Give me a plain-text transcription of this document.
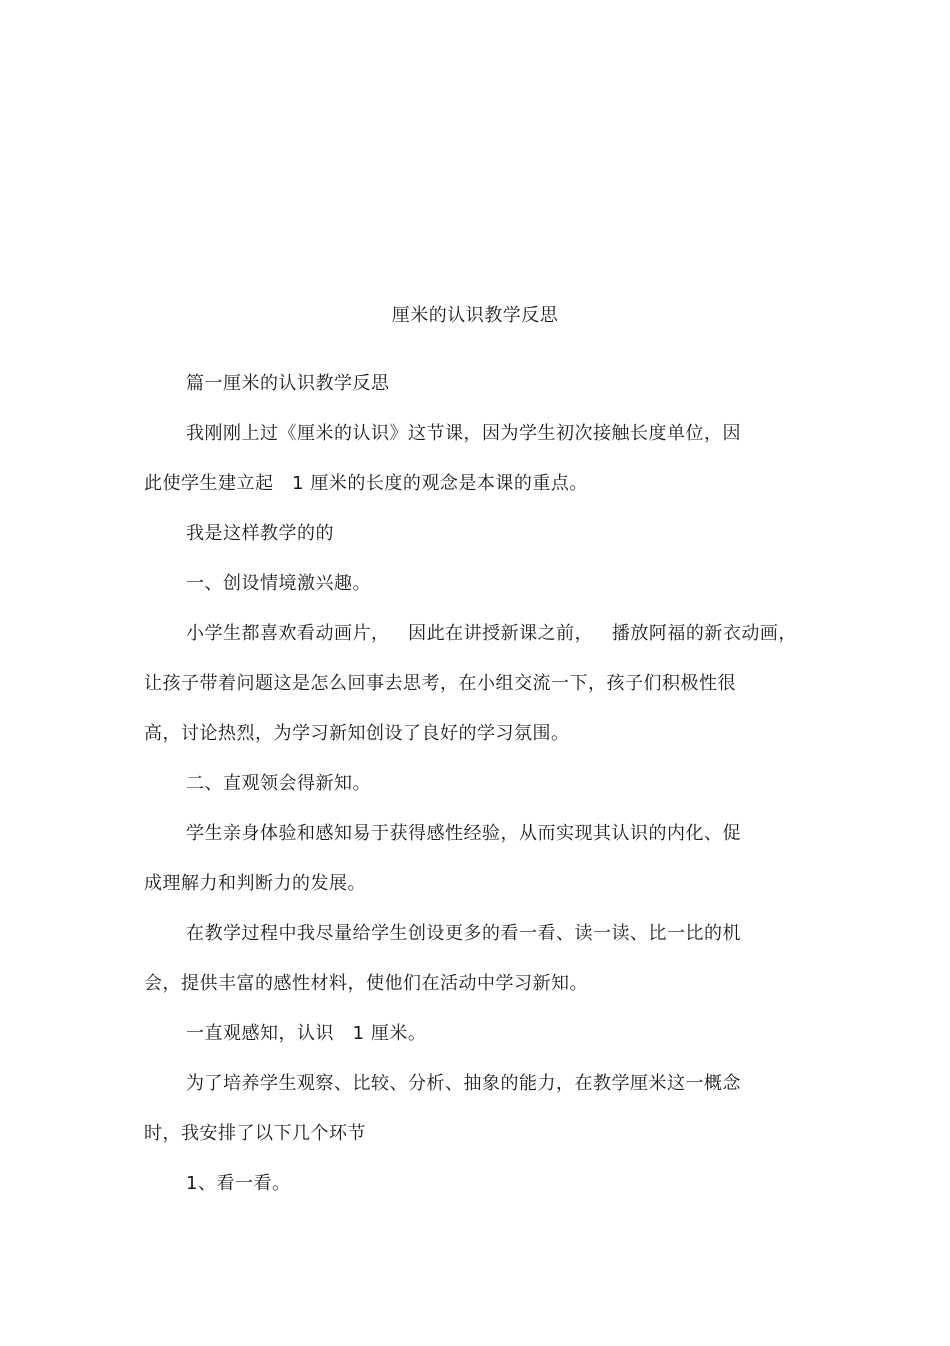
厘米的认识教学反思
篇一厘米的认识教学反思
我刚刚上过《厘米的认识》这节课，因为学生初次接触长度单位，因
此使学生建立起   1 厘米的长度的观念是本课的重点。
我是这样教学的的
一、创设情境激兴趣。
小学生都喜欢看动画片，   因此在讲授新课之前，   播放阿福的新衣动画，
让孩子带着问题这是怎么回事去思考，在小组交流一下，孩子们积极性很
高，讨论热烈，为学习新知创设了良好的学习氛围。
二、直观领会得新知。
学生亲身体验和感知易于获得感性经验，从而实现其认识的内化、促
成理解力和判断力的发展。
在教学过程中我尽量给学生创设更多的看一看、读一读、比一比的机
会，提供丰富的感性材料，使他们在活动中学习新知。
一直观感知，认识   1 厘米。
为了培养学生观察、比较、分析、抽象的能力，在教学厘米这一概念
时，我安排了以下几个环节
1、看一看。
